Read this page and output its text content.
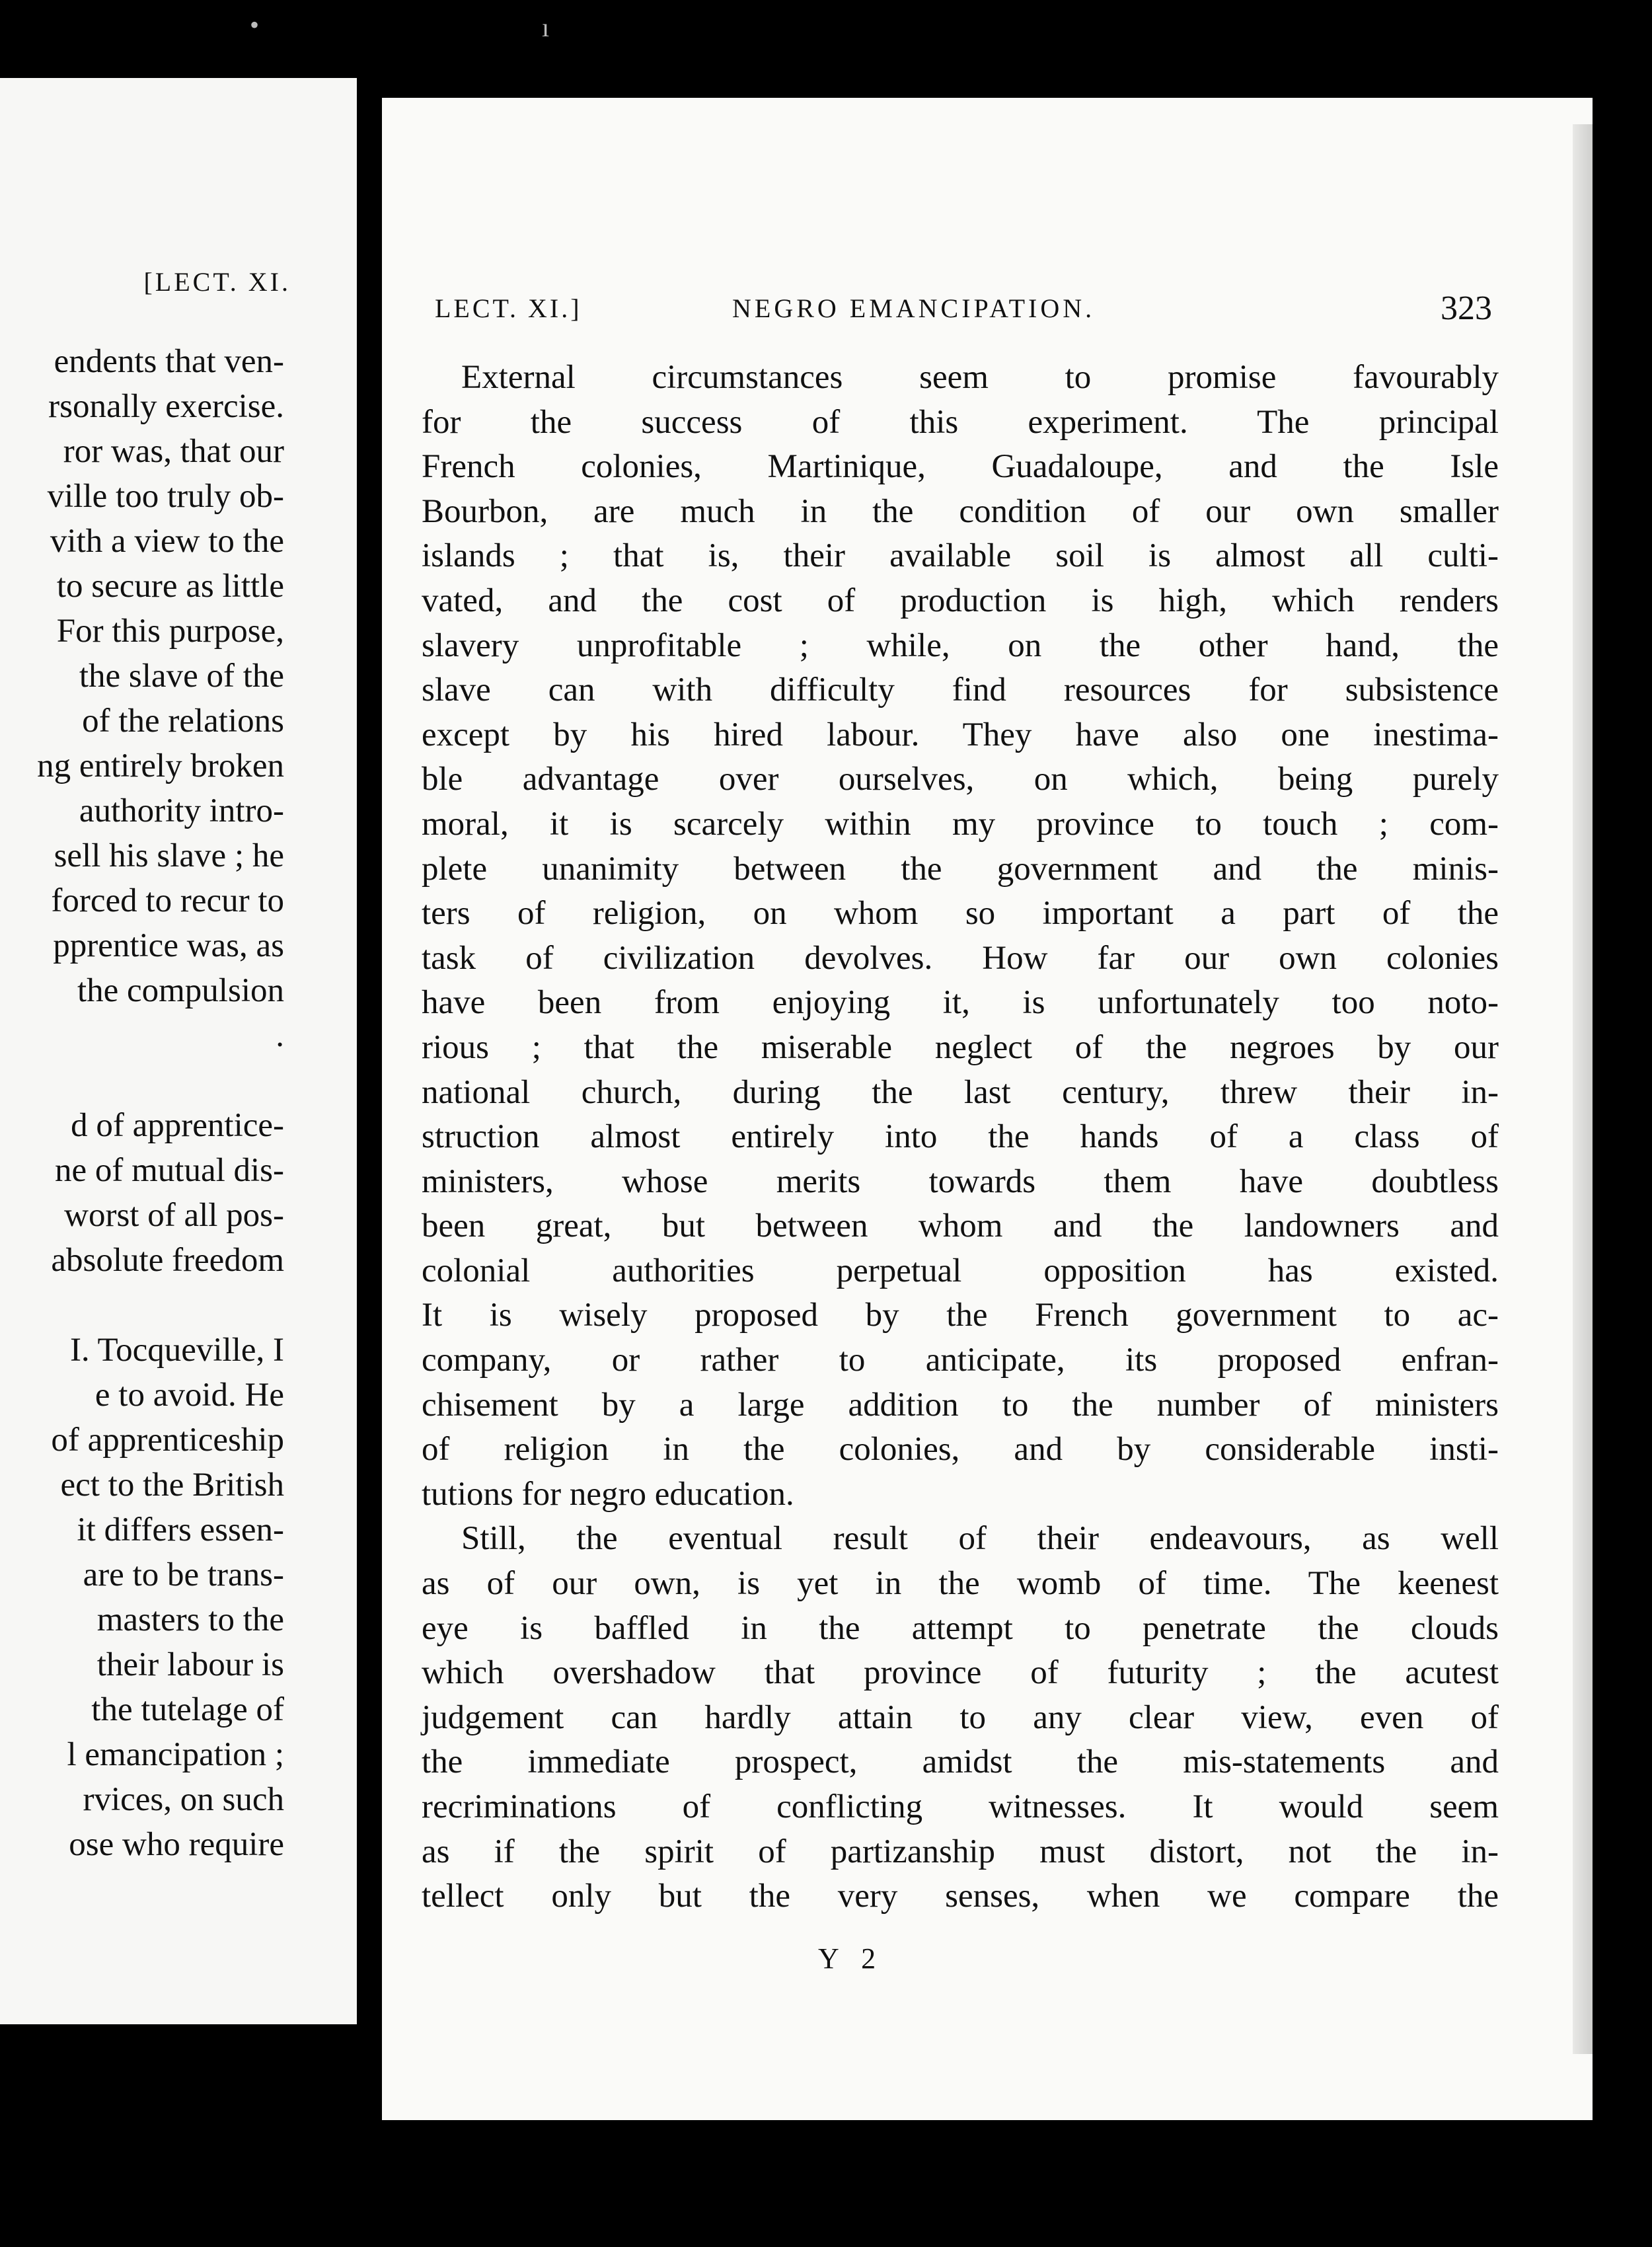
•	ı
[LECT. XI.
endents that ven-
rsonally exercise.
ror was, that our
ville too truly ob-
vith a view to the
to secure as little
For this purpose,
the slave of the
of the relations
ng entirely broken
authority intro-
sell his slave ; he
forced to recur to
pprentice was, as
the compulsion
.
d of apprentice-
ne of mutual dis-
worst of all pos-
absolute freedom
I. Tocqueville, I
e to avoid. He
of apprenticeship
ect to the British
it differs essen-
are to be trans-
masters to the
their labour is
the tutelage of
l emancipation ;
rvices, on such
ose who require
LECT. XI.]	NEGRO EMANCIPATION.	323
External circumstances seem to promise favourably
for the success of this experiment. The principal
French colonies, Martinique, Guadaloupe, and the Isle
Bourbon, are much in the condition of our own smaller
islands ; that is, their available soil is almost all culti-
vated, and the cost of production is high, which renders
slavery unprofitable ; while, on the other hand, the
slave can with difficulty find resources for subsistence
except by his hired labour. They have also one inestima-
ble advantage over ourselves, on which, being purely
moral, it is scarcely within my province to touch ; com-
plete unanimity between the government and the minis-
ters of religion, on whom so important a part of the
task of civilization devolves. How far our own colonies
have been from enjoying it, is unfortunately too noto-
rious ; that the miserable neglect of the negroes by our
national church, during the last century, threw their in-
struction almost entirely into the hands of a class of
ministers, whose merits towards them have doubtless
been great, but between whom and the landowners and
colonial authorities perpetual opposition has existed.
It is wisely proposed by the French government to ac-
company, or rather to anticipate, its proposed enfran-
chisement by a large addition to the number of ministers
of religion in the colonies, and by considerable insti-
tutions for negro education.
Still, the eventual result of their endeavours, as well
as of our own, is yet in the womb of time. The keenest
eye is baffled in the attempt to penetrate the clouds
which overshadow that province of futurity ; the acutest
judgement can hardly attain to any clear view, even of
the immediate prospect, amidst the mis-statements and
recriminations of conflicting witnesses. It would seem
as if the spirit of partizanship must distort, not the in-
tellect only but the very senses, when we compare the
Y 2
